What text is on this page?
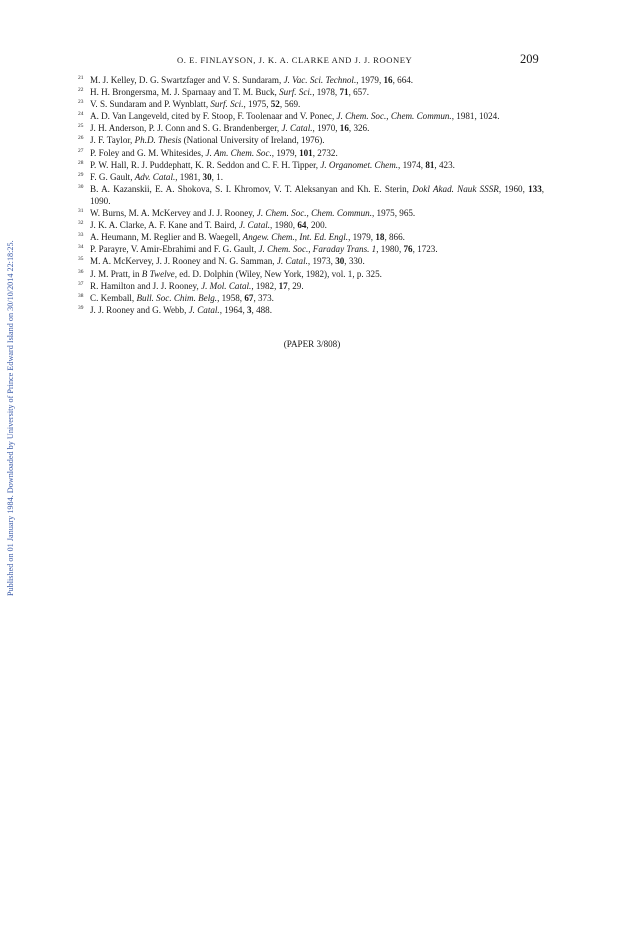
Published on 01 January 1984. Downloaded by University of Prince Edward Island on 30/10/2014 22:18:25.
O. E. FINLAYSON, J. K. A. CLARKE AND J. J. ROONEY	209
21 M. J. Kelley, D. G. Swartzfager and V. S. Sundaram, J. Vac. Sci. Technol., 1979, 16, 664.
22 H. H. Brongersma, M. J. Sparnaay and T. M. Buck, Surf. Sci., 1978, 71, 657.
23 V. S. Sundaram and P. Wynblatt, Surf. Sci., 1975, 52, 569.
24 A. D. Van Langeveld, cited by F. Stoop, F. Toolenaar and V. Ponec, J. Chem. Soc., Chem. Commun., 1981, 1024.
25 J. H. Anderson, P. J. Conn and S. G. Brandenberger, J. Catal., 1970, 16, 326.
26 J. F. Taylor, Ph.D. Thesis (National University of Ireland, 1976).
27 P. Foley and G. M. Whitesides, J. Am. Chem. Soc., 1979, 101, 2732.
28 P. W. Hall, R. J. Puddephatt, K. R. Seddon and C. F. H. Tipper, J. Organomet. Chem., 1974, 81, 423.
29 F. G. Gault, Adv. Catal., 1981, 30, 1.
30 B. A. Kazanskii, E. A. Shokova, S. I. Khromov, V. T. Aleksanyan and Kh. E. Sterin, Dokl Akad. Nauk SSSR, 1960, 133, 1090.
31 W. Burns, M. A. McKervey and J. J. Rooney, J. Chem. Soc., Chem. Commun., 1975, 965.
32 J. K. A. Clarke, A. F. Kane and T. Baird, J. Catal., 1980, 64, 200.
33 A. Heumann, M. Reglier and B. Waegell, Angew. Chem., Int. Ed. Engl., 1979, 18, 866.
34 P. Parayre, V. Amir-Ebrahimi and F. G. Gault, J. Chem. Soc., Faraday Trans. 1, 1980, 76, 1723.
35 M. A. McKervey, J. J. Rooney and N. G. Samman, J. Catal., 1973, 30, 330.
36 J. M. Pratt, in B Twelve, ed. D. Dolphin (Wiley, New York, 1982), vol. 1, p. 325.
37 R. Hamilton and J. J. Rooney, J. Mol. Catal., 1982, 17, 29.
38 C. Kemball, Bull. Soc. Chim. Belg., 1958, 67, 373.
39 J. J. Rooney and G. Webb, J. Catal., 1964, 3, 488.
(PAPER 3/808)
